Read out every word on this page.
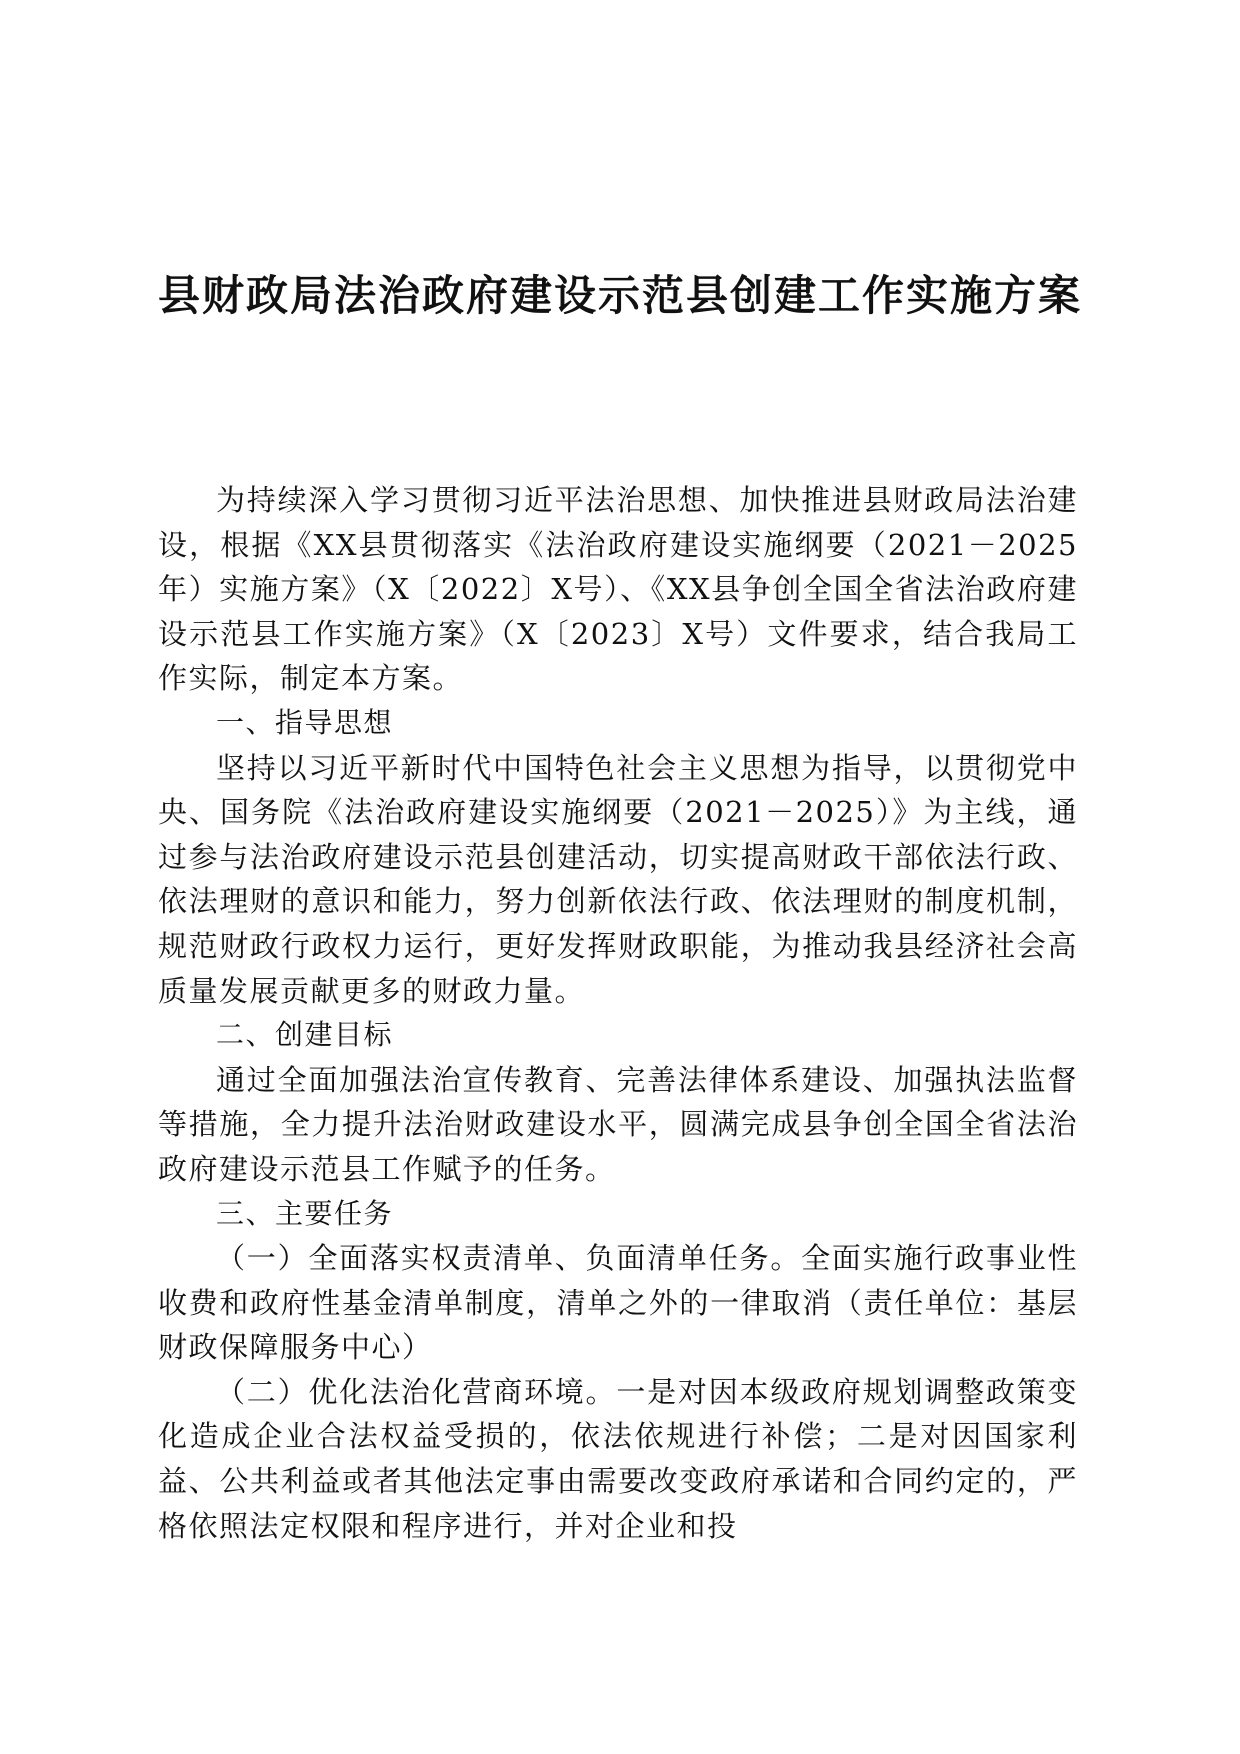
县财政局法治政府建设示范县创建工作实施方案

为持续深入学习贯彻习近平法治思想、加快推进县财政局法治建设，根据《XX县贯彻落实《法治政府建设实施纲要（2021－2025年）实施方案》（X〔2022〕X号）、《XX县争创全国全省法治政府建设示范县工作实施方案》（X〔2023〕X号）文件要求，结合我局工作实际，制定本方案。

一、指导思想

坚持以习近平新时代中国特色社会主义思想为指导，以贯彻党中央、国务院《法治政府建设实施纲要（2021－2025）》为主线，通过参与法治政府建设示范县创建活动，切实提高财政干部依法行政、依法理财的意识和能力，努力创新依法行政、依法理财的制度机制，规范财政行政权力运行，更好发挥财政职能，为推动我县经济社会高质量发展贡献更多的财政力量。

二、创建目标

通过全面加强法治宣传教育、完善法律体系建设、加强执法监督等措施，全力提升法治财政建设水平，圆满完成县争创全国全省法治政府建设示范县工作赋予的任务。

三、主要任务

（一）全面落实权责清单、负面清单任务。全面实施行政事业性收费和政府性基金清单制度，清单之外的一律取消（责任单位：基层财政保障服务中心）

（二）优化法治化营商环境。一是对因本级政府规划调整政策变化造成企业合法权益受损的，依法依规进行补偿；二是对因国家利益、公共利益或者其他法定事由需要改变政府承诺和合同约定的，严格依照法定权限和程序进行，并对企业和投
